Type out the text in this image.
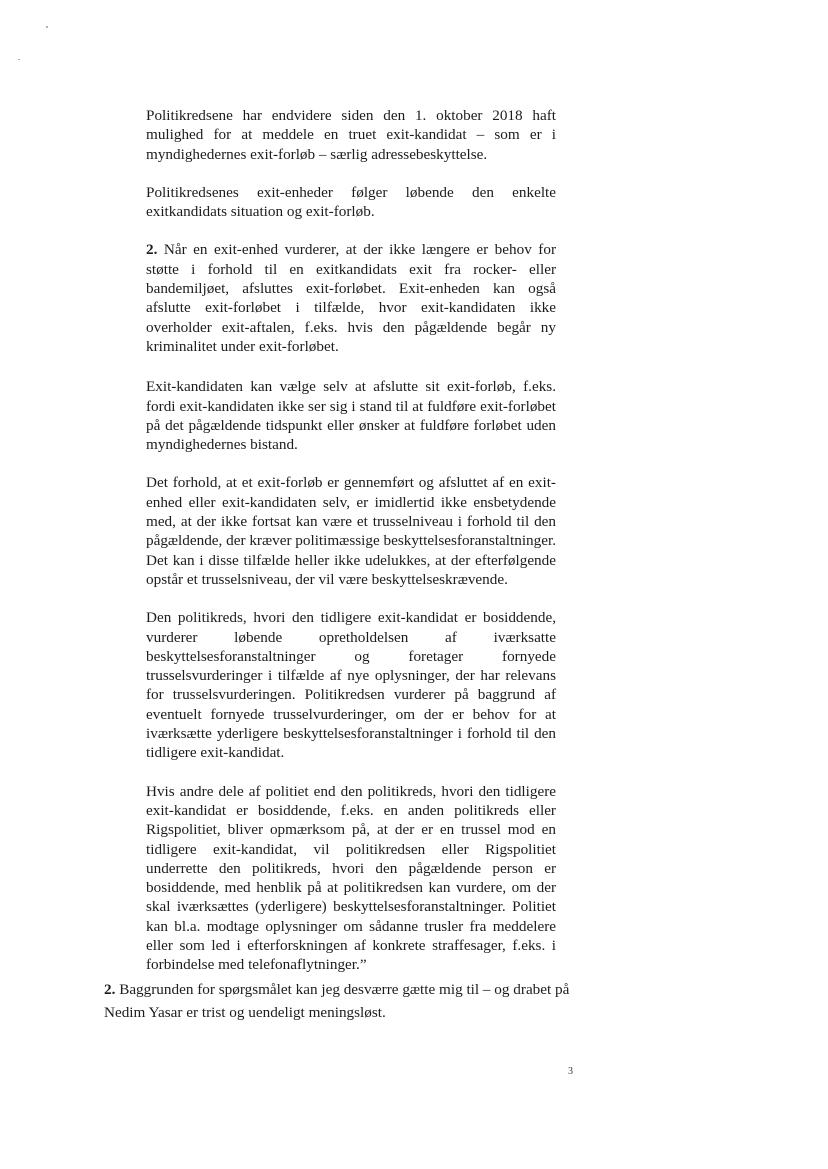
Politikredsene har endvidere siden den 1. oktober 2018 haft mulighed for at meddele en truet exit-kandidat – som er i myndighedernes exit-forløb – særlig adressebeskyttelse.

Politikredsenes exit-enheder følger løbende den enkelte exitkandidats situation og exit-forløb.

2. Når en exit-enhed vurderer, at der ikke længere er behov for støtte i forhold til en exitkandidats exit fra rocker- eller bandemiljøet, afsluttes exit-forløbet. Exit-enheden kan også afslutte exit-forløbet i tilfælde, hvor exit-kandidaten ikke overholder exit-aftalen, f.eks. hvis den pågældende begår ny kriminalitet under exit-forløbet.

Exit-kandidaten kan vælge selv at afslutte sit exit-forløb, f.eks. fordi exit-kandidaten ikke ser sig i stand til at fuldføre exit-forløbet på det pågældende tidspunkt eller ønsker at fuldføre forløbet uden myndighedernes bistand.

Det forhold, at et exit-forløb er gennemført og afsluttet af en exit-enhed eller exit-kandidaten selv, er imidlertid ikke ensbetydende med, at der ikke fortsat kan være et trusselniveau i forhold til den pågældende, der kræver politimæssige beskyttelsesforanstaltninger. Det kan i disse tilfælde heller ikke udelukkes, at der efterfølgende opstår et trusselsniveau, der vil være beskyttelseskrævende.

Den politikreds, hvori den tidligere exit-kandidat er bosiddende, vurderer løbende opretholdelsen af iværksatte beskyttelsesforanstaltninger og foretager fornyede trusselsvurderinger i tilfælde af nye oplysninger, der har relevans for trusselsvurderingen. Politikredsen vurderer på baggrund af eventuelt fornyede trusselvurderinger, om der er behov for at iværksætte yderligere beskyttelsesforanstaltninger i forhold til den tidligere exit-kandidat.

Hvis andre dele af politiet end den politikreds, hvori den tidligere exit-kandidat er bosiddende, f.eks. en anden politikreds eller Rigspolitiet, bliver opmærksom på, at der er en trussel mod en tidligere exit-kandidat, vil politikredsen eller Rigspolitiet underrette den politikreds, hvori den pågældende person er bosiddende, med henblik på at politikredsen kan vurdere, om der skal iværksættes (yderligere) beskyttelsesforanstaltninger. Politiet kan bl.a. modtage oplysninger om sådanne trusler fra meddelere eller som led i efterforskningen af konkrete straffesager, f.eks. i forbindelse med telefonaflytninger.”

2. Baggrunden for spørgsmålet kan jeg desværre gætte mig til – og drabet på Nedim Yasar er trist og uendeligt meningsløst.

3
